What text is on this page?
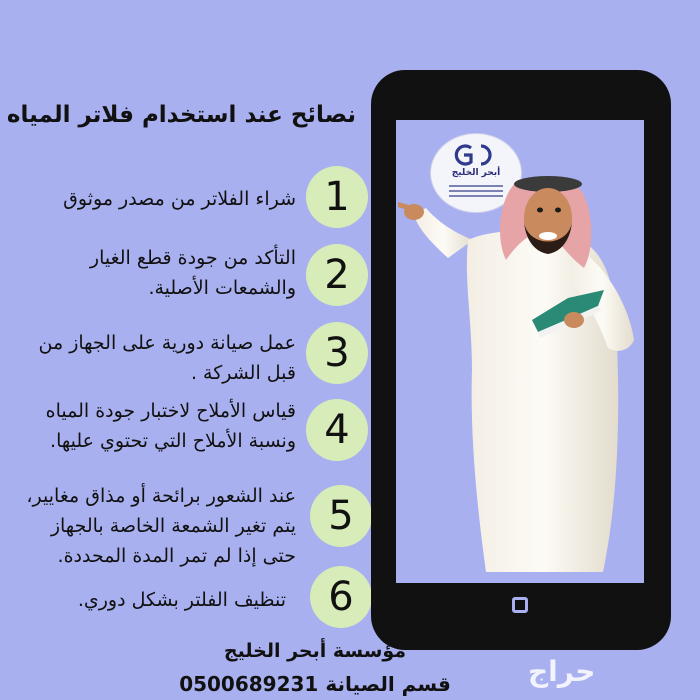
نصائح عند استخدام فلاتر المياه
شراء الفلاتر من مصدر موثوق 1
التأكد من جودة قطع الغيار
والشمعات الأصلية. 2
عمل صيانة دورية على الجهاز من
قبل الشركة . 3
قياس الأملاح لاختبار جودة المياه
ونسبة الأملاح التي تحتوي عليها. 4
عند الشعور برائحة أو مذاق مغايير،
يتم تغير الشمعة الخاصة بالجهاز
حتى إذا لم تمر المدة المحددة.
5
تنظيف الفلتر بشكل دوري.	6
أبحر الخليج
مؤسسة أبحر الخليج
قسم الصيانة 0500689231	حراج
